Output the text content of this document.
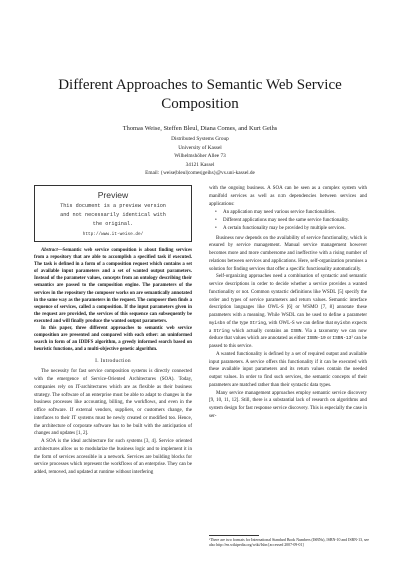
Different Approaches to Semantic Web Service
Composition
Thomas Weise, Steffen Bleul, Diana Comes, and Kurt Geihs
Distributed Systems Group
University of Kassel
Wilhelmshöher Allee 73
34121 Kassel
Email: {weise|bleul|comes|geihs}@vs.uni-kassel.de
Preview
This document is a preview version
and not necessarily identical with
the original.
http://www.it-weise.de/

Abstract—Semantic web service composition is about finding services from a repository that are able to accomplish a specified task if executed. The task is defined in a form of a composition request which contains a set of available input parameters and a set of wanted output parameters. Instead of the parameter values, concepts from an ontology describing their semantics are passed to the composition engine. The parameters of the services in the repository the composer works on are semantically annotated in the same way as the parameters in the request. The composer then finds a sequence of services, called a composition. If the input parameters given in the request are provided, the services of this sequence can subsequently be executed and will finally produce the wanted output parameters.

In this paper, three different approaches to semantic web service composition are presented and compared with each other: an uninformed search in form of an IDDFS algorithm, a greedy informed search based on heuristic functions, and a multi-objective genetic algorithm.

I. Introduction

The necessity for fast service composition systems is directly connected with the emergence of Service-Oriented Architectures (SOA). Today, companies rely on IT-architectures which are as flexible as their business strategy. The software of an enterprise must be able to adapt to changes in the business processes like accounting, billing, the workflows, and even in the office software. If external vendors, suppliers, or customers change, the interfaces to their IT systems must be newly created or modified too. Hence, the architecture of corporate software has to be built with the anticipation of changes and updates [1, 2].

A SOA is the ideal architecture for such systems [3, 4]. Service oriented architectures allow us to modularize the business logic and to implement it in the form of services accessible in a network. Services are building blocks for service processes which represent the workflows of an enterprise. They can be added, removed, and updated at runtime without interfering

with the ongoing business. A SOA can be seen as a complex system with manifold services as well as n:m dependencies between services and applications:

• An application may need various service functionalities.
• Different applications may need the same service functionality.
• A certain functionality may be provided by multiple services.

Business now depends on the availability of service functionality, which is ensured by service management. Manual service management however becomes more and more cumbersome and ineffective with a rising number of relations between services and applications. Here, self-organization promises a solution for finding services that offer a specific functionality automatically.

Self-organizing approaches need a combination of syntactic and semantic service descriptions in order to decide whether a service provides a wanted functionality or not. Common syntactic definitions like WSDL [5] specify the order and types of service parameters and return values. Semantic interface description languages like OWL-S [6] or WSMO [7, 8] annotate these parameters with a meaning. While WSDL can be used to define a parameter myisbn of the type String, with OWL-S we can define that myisbn expects a String which actually contains an ISBN. Via a taxonomy we can now deduce that values which are annotated as either ISBN-10 or ISBN-13¹ can be passed to this service.

A wanted functionality is defined by a set of required output and available input parameters. A service offers this functionality if it can be executed with these available input parameters and its return values contain the needed output values. In order to find such services, the semantic concepts of their parameters are matched rather than their syntactic data types.

Many service management approaches employ semantic service discovery [9, 10, 11, 12]. Still, there is a substantial lack of research on algorithms and system design for fast response service discovery. This is especially the case in ser-

¹There are two formats for International Standard Book Numbers (ISBNs), ISBN-10 and ISBN-13, see also http://en.wikipedia.org/wiki/Isbn [accessed 2007-09-01]
